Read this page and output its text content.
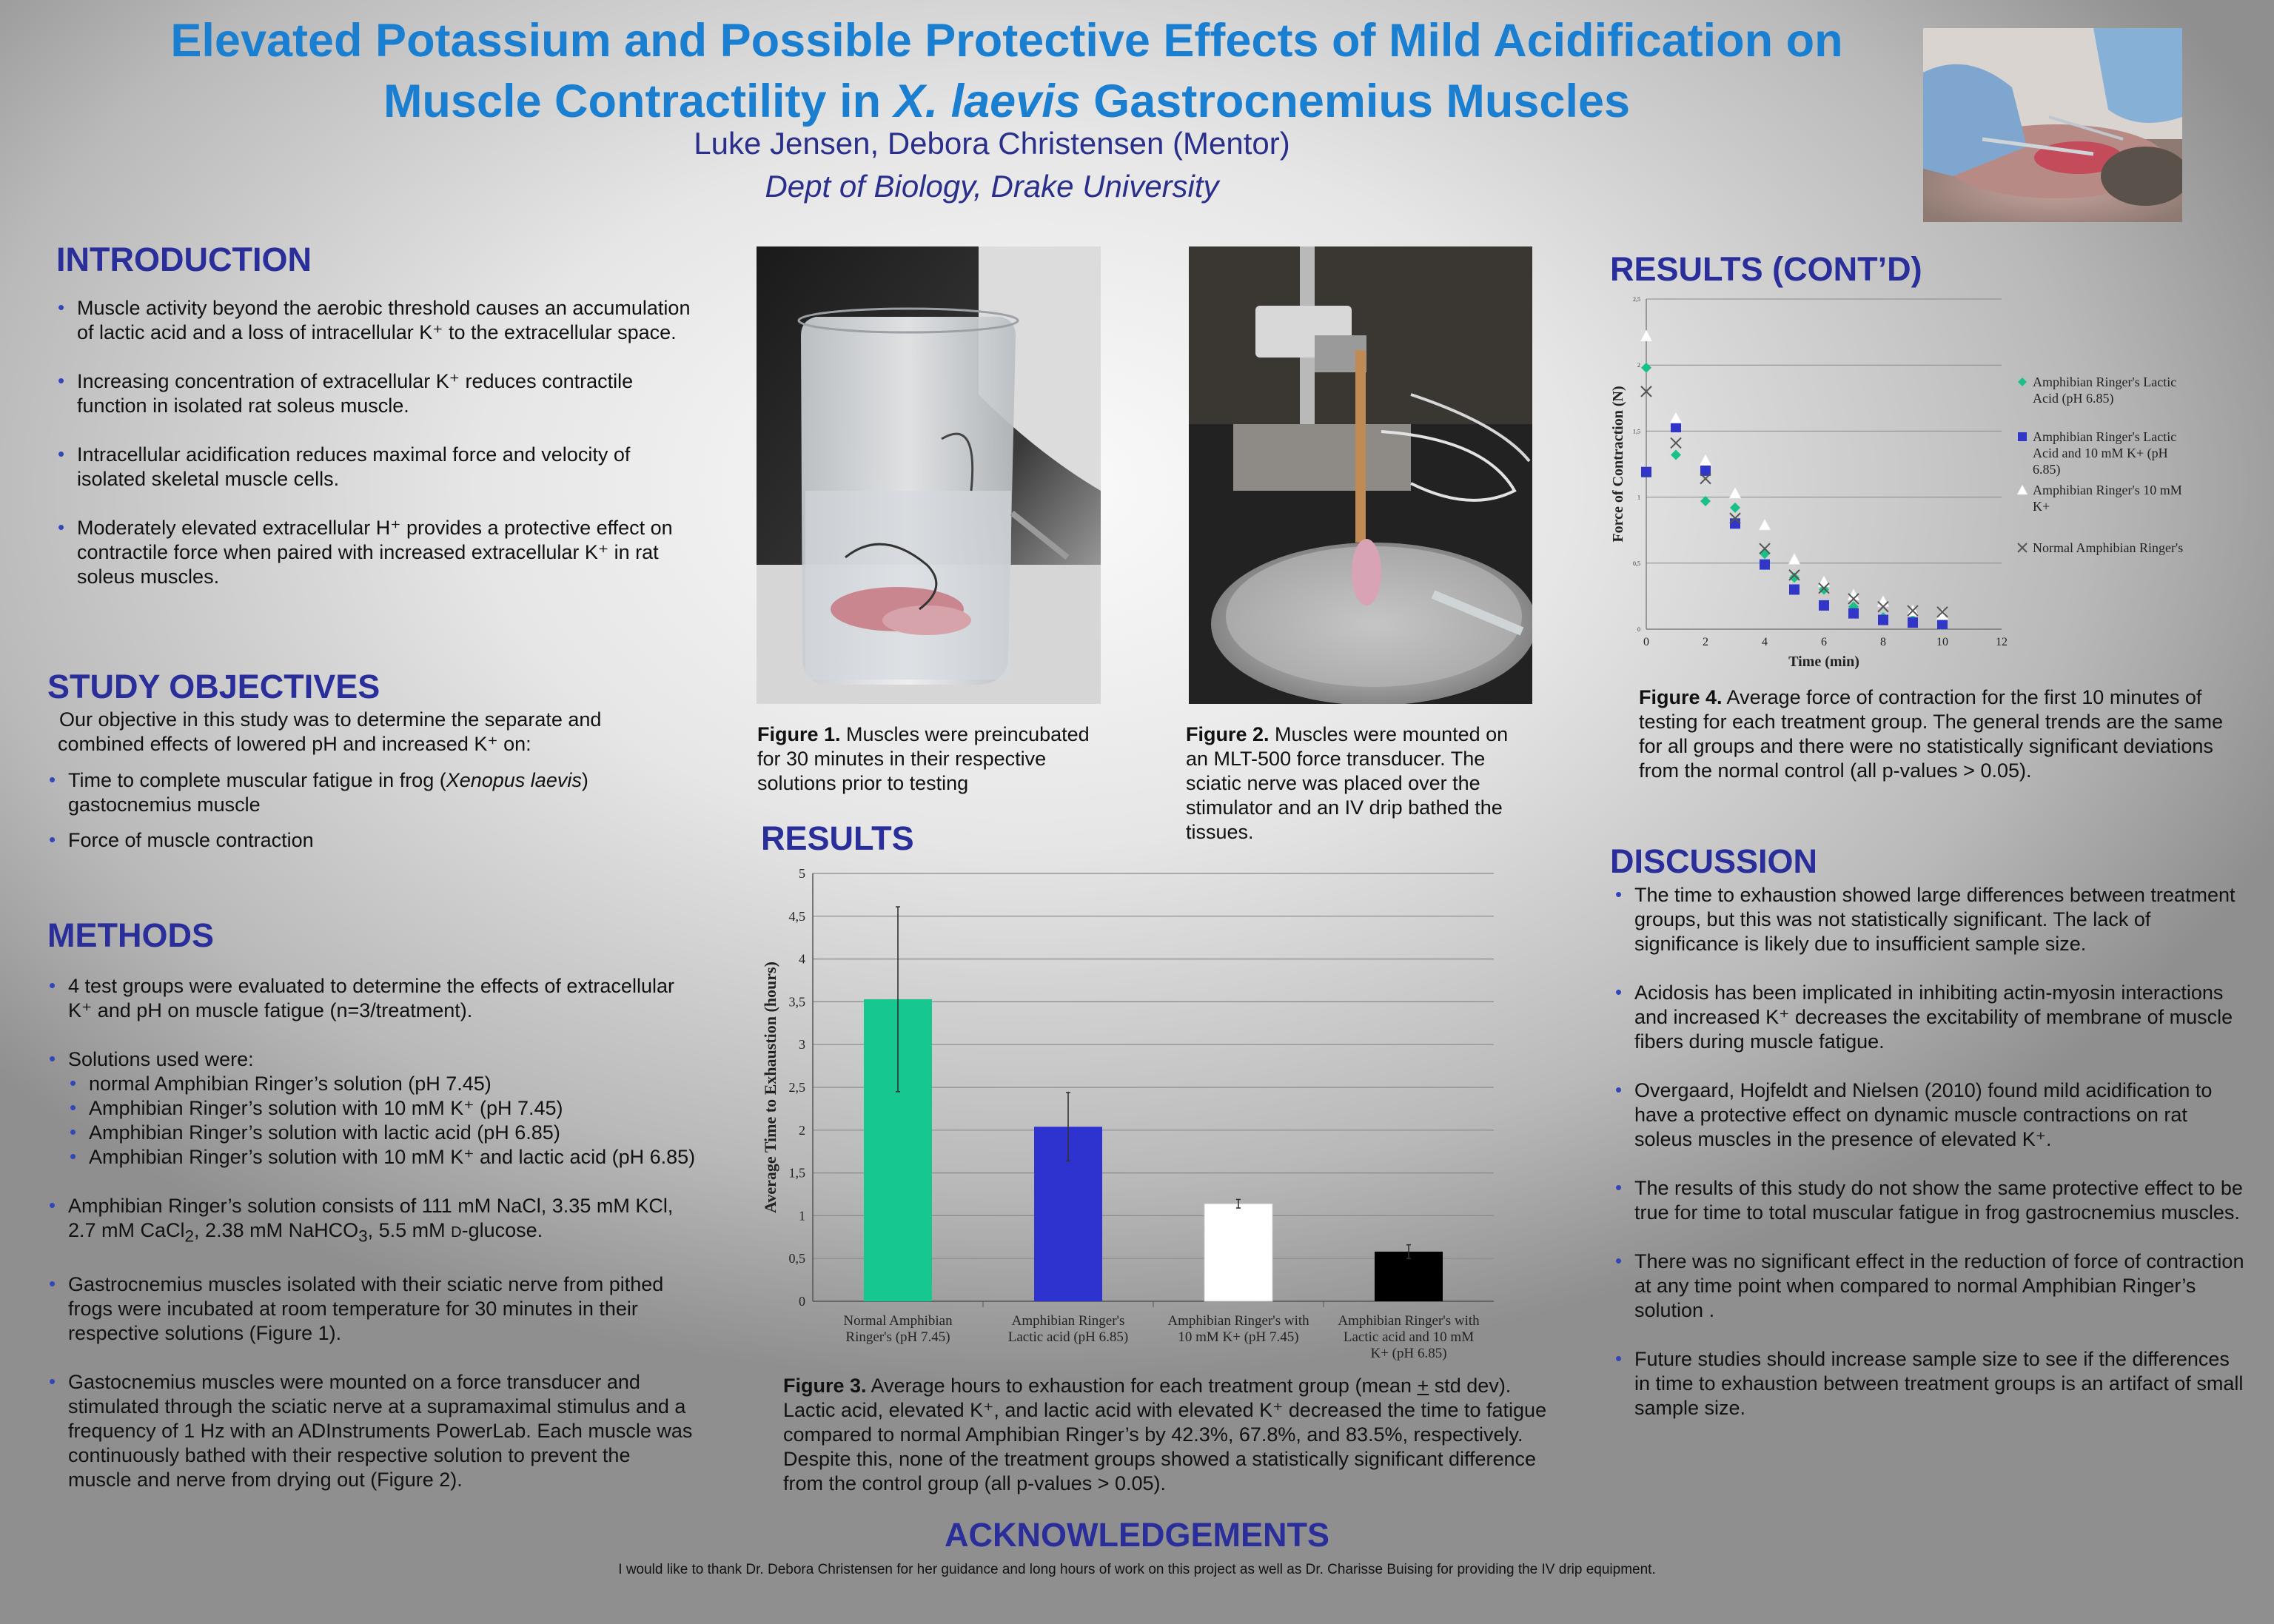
Elevated Potassium and Possible Protective Effects of Mild Acidification on
Muscle Contractility in X. laevis Gastrocnemius Muscles
Luke Jensen, Debora Christensen (Mentor)
Dept of Biology, Drake University
INTRODUCTION
• Muscle activity beyond the aerobic threshold causes an accumulation of lactic acid and a loss of intracellular K⁺ to the extracellular space.
• Increasing concentration of extracellular K⁺ reduces contractile function in isolated rat soleus muscle.
• Intracellular acidification reduces maximal force and velocity of isolated skeletal muscle cells.
• Moderately elevated extracellular H⁺ provides a protective effect on contractile force when paired with increased extracellular K⁺ in rat soleus muscles.
STUDY OBJECTIVES
Our objective in this study was to determine the separate and combined effects of lowered pH and increased K⁺ on:
• Time to complete muscular fatigue in frog (Xenopus laevis) gastocnemius muscle
• Force of muscle contraction
METHODS
• 4 test groups were evaluated to determine the effects of extracellular K⁺ and pH on muscle fatigue (n=3/treatment).
• Solutions used were:
• normal Amphibian Ringer’s solution (pH 7.45)
• Amphibian Ringer’s solution with 10 mM K⁺ (pH 7.45)
• Amphibian Ringer’s solution with lactic acid (pH 6.85)
• Amphibian Ringer’s solution with 10 mM K⁺ and lactic acid (pH 6.85)
• Amphibian Ringer’s solution consists of 111 mM NaCl, 3.35 mM KCl, 2.7 mM CaCl$_2$, 2.38 mM NaHCO$_3$, 5.5 mM D-glucose.
• Gastrocnemius muscles isolated with their sciatic nerve from pithed frogs were incubated at room temperature for 30 minutes in their respective solutions (Figure 1).
• Gastocnemius muscles were mounted on a force transducer and stimulated through the sciatic nerve at a supramaximal stimulus and a frequency of 1 Hz with an ADInstruments PowerLab. Each muscle was continuously bathed with their respective solution to prevent the muscle and nerve from drying out (Figure 2).
Figure 1. Muscles were preincubated for 30 minutes in their respective solutions prior to testing
Figure 2. Muscles were mounted on an MLT-500 force transducer. The sciatic nerve was placed over the stimulator and an IV drip bathed the tissues.
RESULTS
0
0,5
1
1,5
2
2,5
3
3,5
4
4,5
5
Average Time to Exhaustion (hours)
Normal Amphibian
Ringer's (pH 7.45)
Amphibian Ringer's
Lactic acid (pH 6.85)
Amphibian Ringer's with
10 mM K+ (pH 7.45)
Amphibian Ringer's with
Lactic acid and 10 mM
K+ (pH 6.85)
Figure 3. Average hours to exhaustion for each treatment group (mean + std dev). Lactic acid, elevated K⁺, and lactic acid with elevated K⁺ decreased the time to fatigue compared to normal Amphibian Ringer’s by 42.3%, 67.8%, and 83.5%, respectively. Despite this, none of the treatment groups showed a statistically significant difference from the control group (all p-values > 0.05).
RESULTS (CONT’D)
0
0,5
1
1,5
2
2,5
0	2	4	6	8	10	12
Time (min)
Force of Contraction (N)
Amphibian Ringer's Lactic
Acid (pH 6.85)
Amphibian Ringer's Lactic
Acid and 10 mM K+ (pH
6.85)
Amphibian Ringer's 10 mM
K+
Normal Amphibian Ringer's
Figure 4. Average force of contraction for the first 10 minutes of testing for each treatment group. The general trends are the same for all groups and there were no statistically significant deviations from the normal control (all p-values > 0.05).
DISCUSSION
• The time to exhaustion showed large differences between treatment groups, but this was not statistically significant. The lack of significance is likely due to insufficient sample size.
• Acidosis has been implicated in inhibiting actin-myosin interactions and increased K⁺ decreases the excitability of membrane of muscle fibers during muscle fatigue.
• Overgaard, Hojfeldt and Nielsen (2010) found mild acidification to have a protective effect on dynamic muscle contractions on rat soleus muscles in the presence of elevated K⁺.
• The results of this study do not show the same protective effect to be true for time to total muscular fatigue in frog gastrocnemius muscles.
• There was no significant effect in the reduction of force of contraction at any time point when compared to normal Amphibian Ringer’s solution .
• Future studies should increase sample size to see if the differences in time to exhaustion between treatment groups is an artifact of small sample size.
ACKNOWLEDGEMENTS
I would like to thank Dr. Debora Christensen for her guidance and long hours of work on this project as well as Dr. Charisse Buising for providing the IV drip equipment.
